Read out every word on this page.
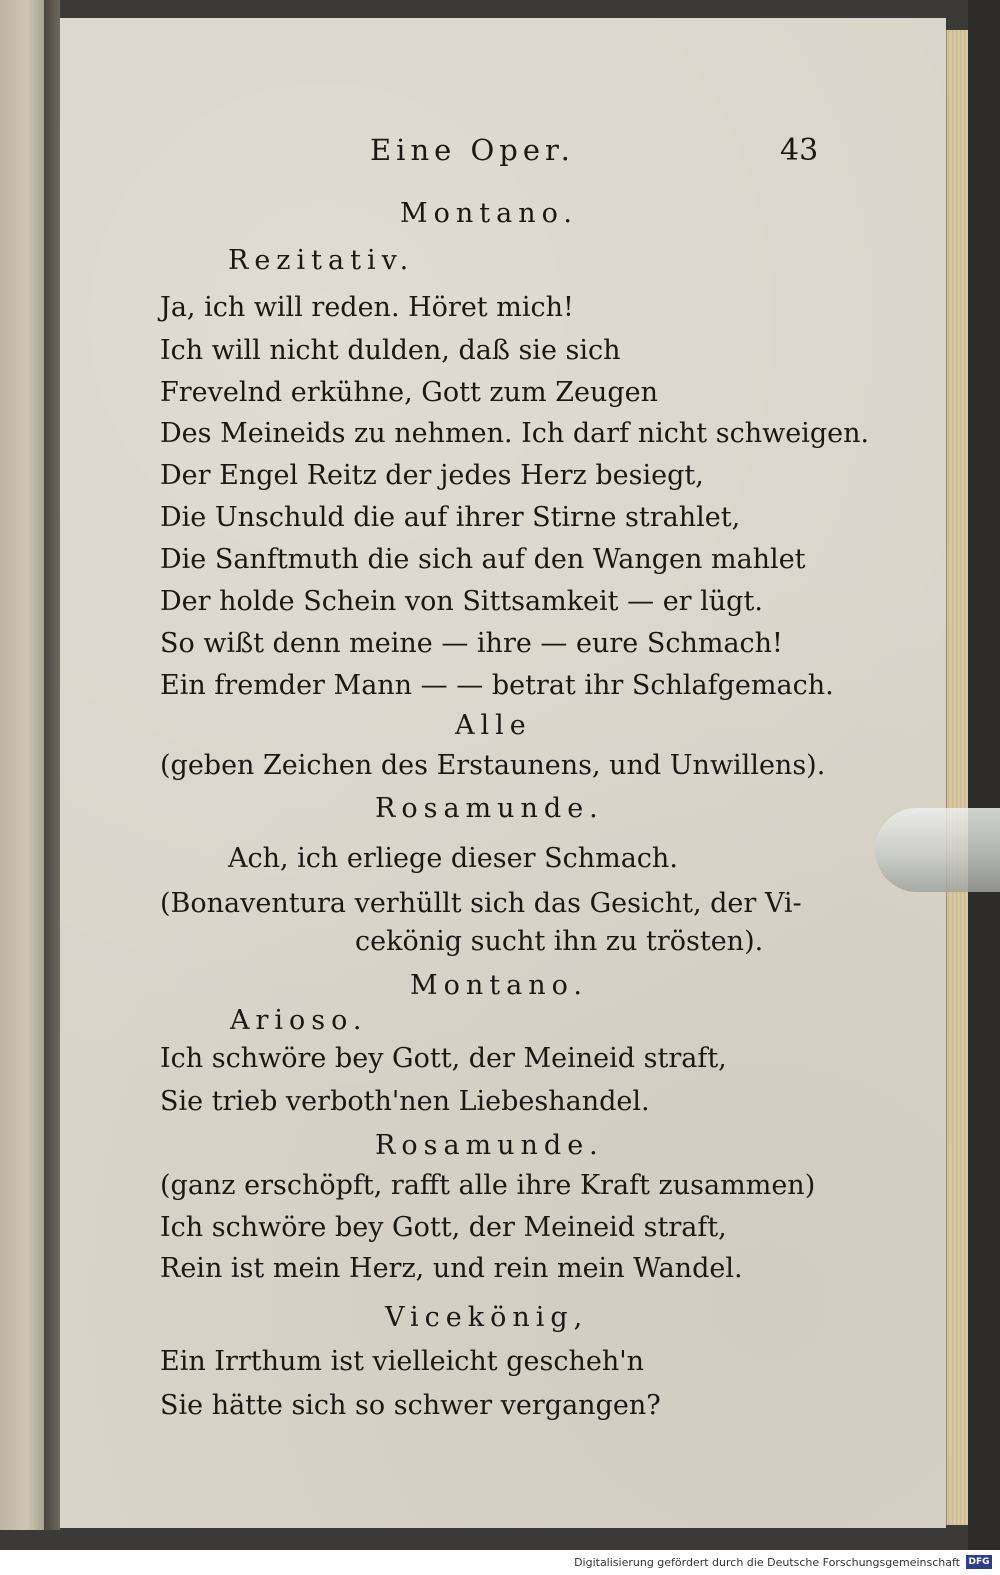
Eine Oper.	43
Montano.
Rezitativ.
Ja, ich will reden. Höret mich!
Ich will nicht dulden, daß sie sich
Frevelnd erkühne, Gott zum Zeugen
Des Meineids zu nehmen. Ich darf nicht schweigen.
Der Engel Reitz der jedes Herz besiegt,
Die Unschuld die auf ihrer Stirne strahlet,
Die Sanftmuth die sich auf den Wangen mahlet
Der holde Schein von Sittsamkeit — er lügt.
So wißt denn meine — ihre — eure Schmach!
Ein fremder Mann — — betrat ihr Schlafgemach.
Alle
(geben Zeichen des Erstaunens, und Unwillens).
Rosamunde.
Ach, ich erliege dieser Schmach.
(Bonaventura verhüllt sich das Gesicht, der Vi-
cekönig sucht ihn zu trösten).
Montano.
Arioso.
Ich schwöre bey Gott, der Meineid straft,
Sie trieb verboth'nen Liebeshandel.
Rosamunde.
(ganz erschöpft, rafft alle ihre Kraft zusammen)
Ich schwöre bey Gott, der Meineid straft,
Rein ist mein Herz, und rein mein Wandel.
Vicekönig,
Ein Irrthum ist vielleicht gescheh'n
Sie hätte sich so schwer vergangen?
Digitalisierung gefördert durch die Deutsche Forschungsgemeinschaft DFG
